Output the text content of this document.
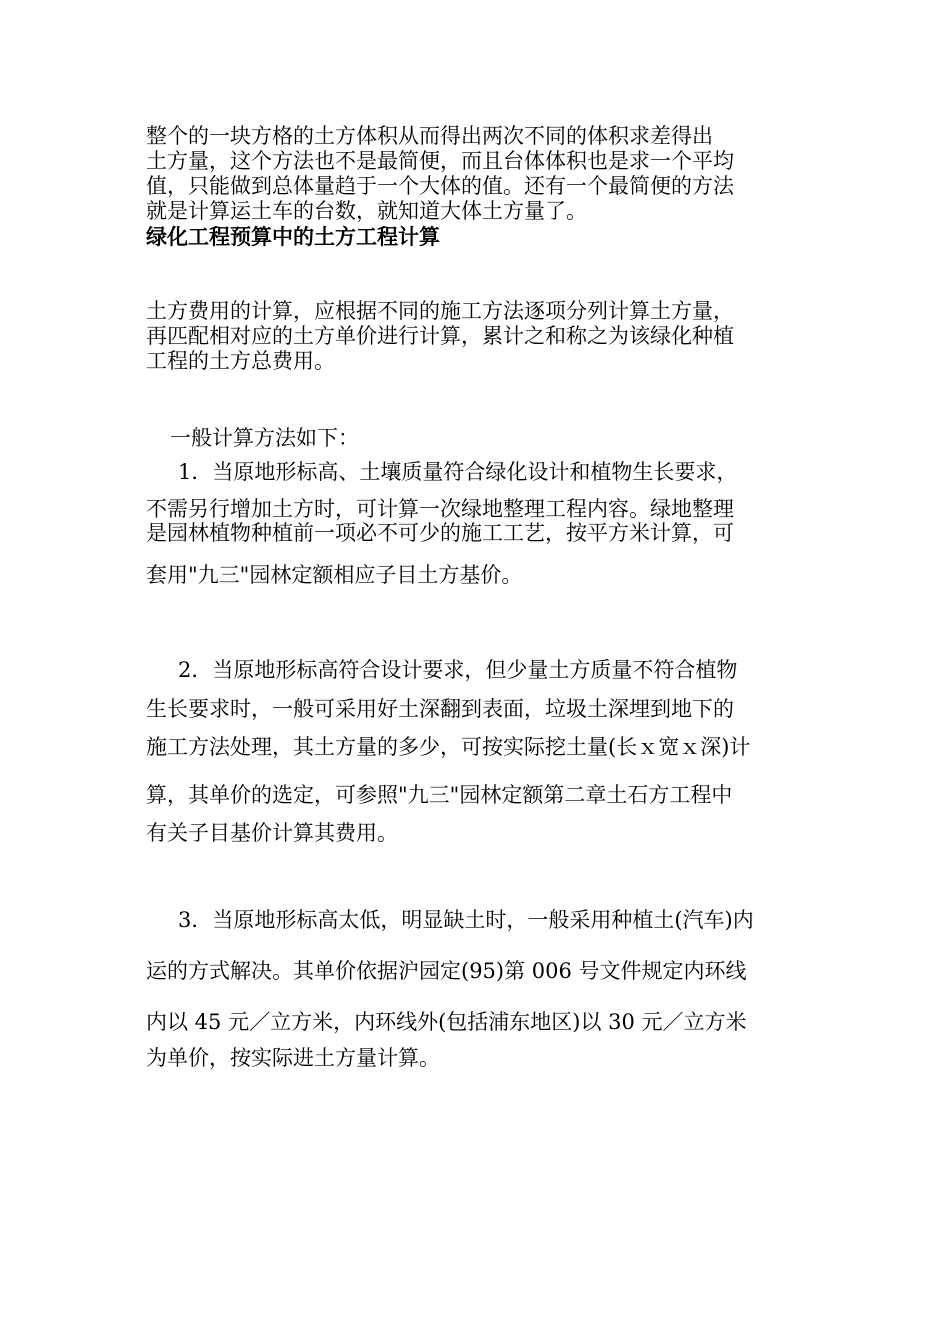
整个的一块方格的土方体积从而得出两次不同的体积求差得出
土方量，这个方法也不是最简便，而且台体体积也是求一个平均
值，只能做到总体量趋于一个大体的值。还有一个最简便的方法
就是计算运土车的台数，就知道大体土方量了。
绿化工程预算中的土方工程计算
土方费用的计算，应根据不同的施工方法逐项分列计算土方量，
再匹配相对应的土方单价进行计算，累计之和称之为该绿化种植
工程的土方总费用。
一般计算方法如下：
1．当原地形标高、土壤质量符合绿化设计和植物生长要求，
不需另行增加土方时，可计算一次绿地整理工程内容。绿地整理
是园林植物种植前一项必不可少的施工工艺，按平方米计算，可
套用"九三"园林定额相应子目土方基价。
2．当原地形标高符合设计要求，但少量土方质量不符合植物
生长要求时，一般可采用好土深翻到表面，垃圾土深埋到地下的
施工方法处理，其土方量的多少，可按实际挖土量(长ｘ宽ｘ深)计
算，其单价的选定，可参照"九三"园林定额第二章土石方工程中
有关子目基价计算其费用。
3．当原地形标高太低，明显缺土时，一般采用种植土(汽车)内
运的方式解决。其单价依据沪园定(95)第 006 号文件规定内环线
内以 45 元／立方米，内环线外(包括浦东地区)以 30 元／立方米
为单价，按实际进土方量计算。
